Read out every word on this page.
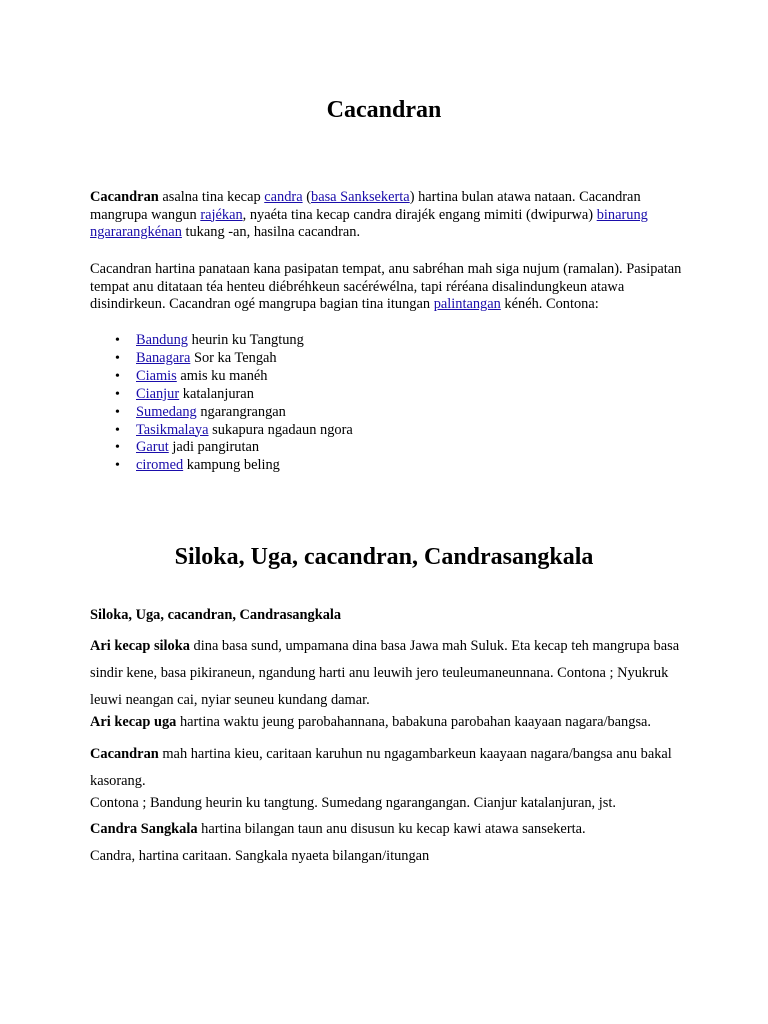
Cacandran

Cacandran asalna tina kecap candra (basa Sanksekerta) hartina bulan atawa nataan. Cacandran mangrupa wangun rajékan, nyaéta tina kecap candra dirajék engang mimiti (dwipurwa) binarung ngararangkénan tukang -an, hasilna cacandran.

Cacandran hartina panataan kana pasipatan tempat, anu sabréhan mah siga nujum (ramalan). Pasipatan tempat anu ditataan téa henteu diébréhkeun sacéréwélna, tapi réréana disalindungkeun atawa disindirkeun. Cacandran ogé mangrupa bagian tina itungan palintangan kénéh. Contona:

• Bandung heurin ku Tangtung
• Banagara Sor ka Tengah
• Ciamis amis ku manéh
• Cianjur katalanjuran
• Sumedang ngarangrangan
• Tasikmalaya sukapura ngadaun ngora
• Garut jadi pangirutan
• ciromed kampung beling
Siloka, Uga, cacandran, Candrasangkala

Siloka, Uga, cacandran, Candrasangkala

Ari kecap siloka dina basa sund, umpamana dina basa Jawa mah Suluk. Eta kecap teh mangrupa basa sindir kene, basa pikiraneun, ngandung harti anu leuwih jero teuleumaneunnana. Contona ; Nyukruk leuwi neangan cai, nyiar seuneu kundang damar.

Ari kecap uga hartina waktu jeung parobahannana, babakuna parobahan kaayaan nagara/bangsa.

Cacandran mah hartina kieu, caritaan karuhun nu ngagambarkeun kaayaan nagara/bangsa anu bakal kasorang.

Contona ; Bandung heurin ku tangtung. Sumedang ngarangangan. Cianjur katalanjuran, jst.

Candra Sangkala hartina bilangan taun anu disusun ku kecap kawi atawa sansekerta.

Candra, hartina caritaan. Sangkala nyaeta bilangan/itungan
